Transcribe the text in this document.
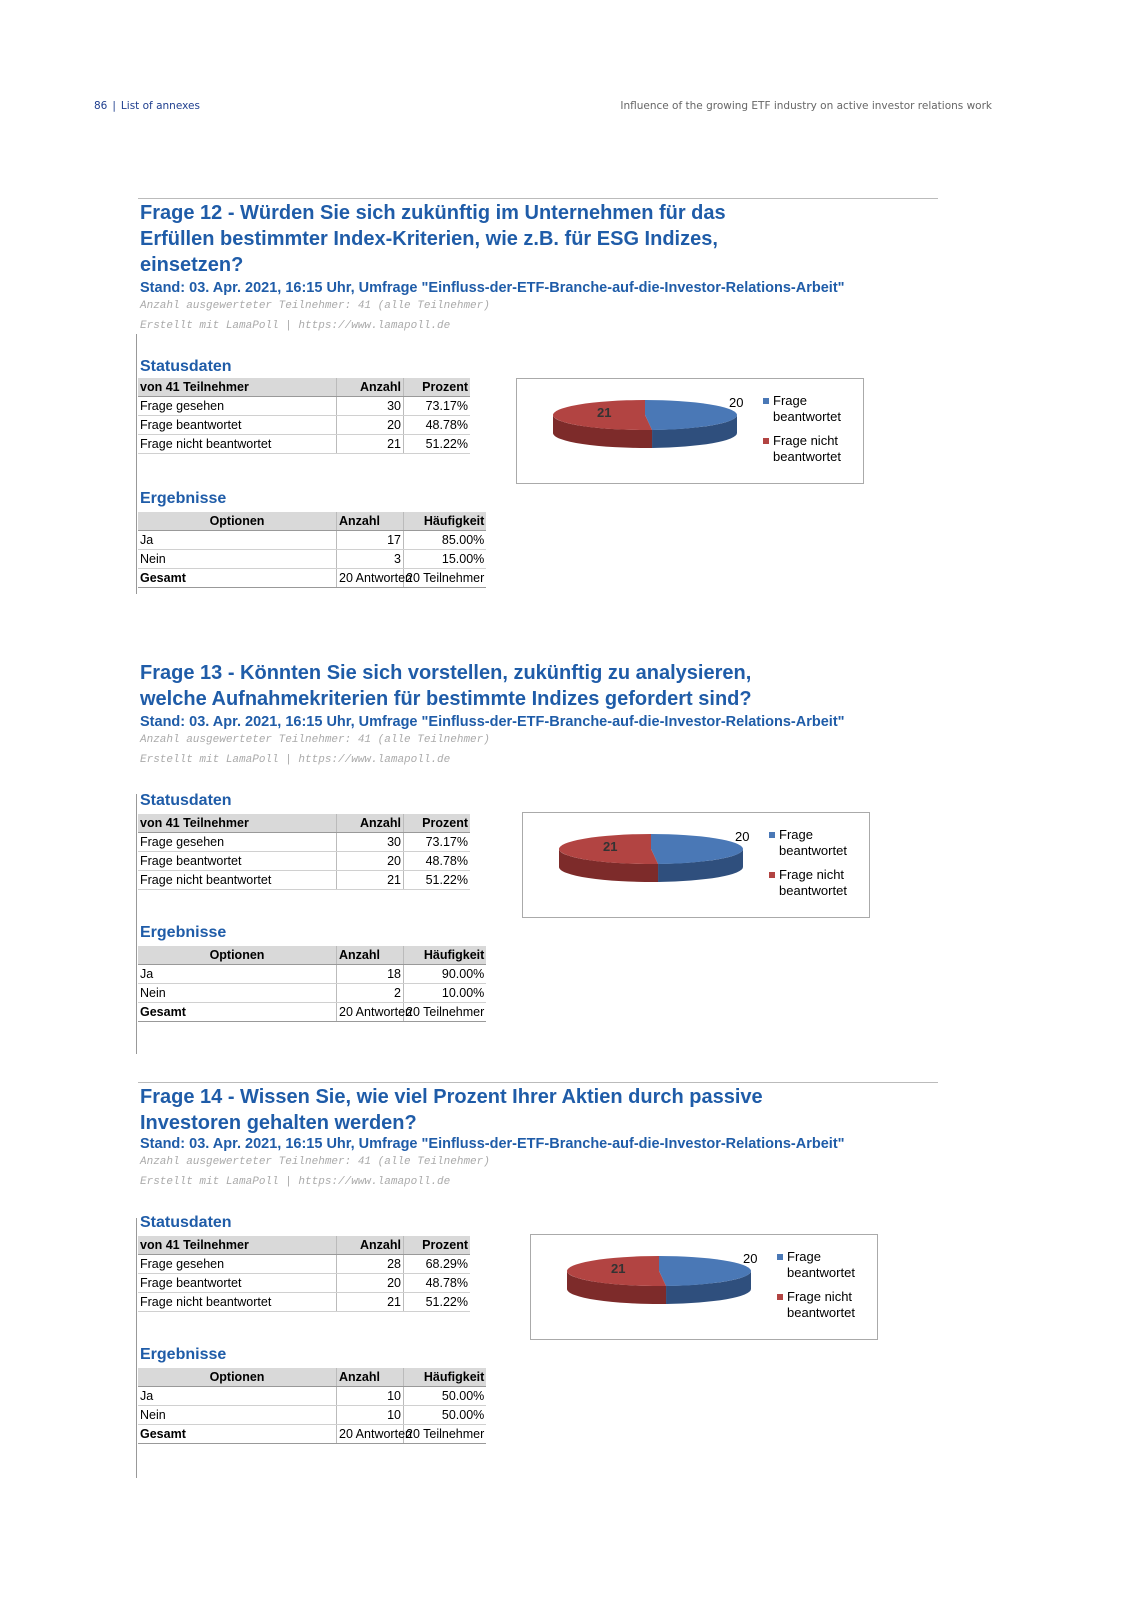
86 | List of annexes	Influence of the growing ETF industry on active investor relations work
Frage 12 - Würden Sie sich zukünftig im Unternehmen für das Erfüllen bestimmter Index-Kriterien, wie z.B. für ESG Indizes, einsetzen?
Stand: 03. Apr. 2021, 16:15 Uhr, Umfrage "Einfluss-der-ETF-Branche-auf-die-Investor-Relations-Arbeit"
Anzahl ausgewerteter Teilnehmer: 41 (alle Teilnehmer)
Erstellt mit LamaPoll | https://www.lamapoll.de
Statusdaten
von 41 Teilnehmer	Anzahl	Prozent
Frage gesehen	30	73.17%
Frage beantwortet	20	48.78%
Frage nicht beantwortet	21	51.22%
20
21
Frage beantwortet
Frage nicht beantwortet
Ergebnisse
Optionen	Anzahl	Häufigkeit
Ja	17	85.00%
Nein	3	15.00%
Gesamt	20 Antworten	20 Teilnehmer
Frage 13 - Könnten Sie sich vorstellen, zukünftig zu analysieren, welche Aufnahmekriterien für bestimmte Indizes gefordert sind?
Stand: 03. Apr. 2021, 16:15 Uhr, Umfrage "Einfluss-der-ETF-Branche-auf-die-Investor-Relations-Arbeit"
Anzahl ausgewerteter Teilnehmer: 41 (alle Teilnehmer)
Erstellt mit LamaPoll | https://www.lamapoll.de
Statusdaten
von 41 Teilnehmer	Anzahl	Prozent
Frage gesehen	30	73.17%
Frage beantwortet	20	48.78%
Frage nicht beantwortet	21	51.22%
20
21
Frage beantwortet
Frage nicht beantwortet
Ergebnisse
Optionen	Anzahl	Häufigkeit
Ja	18	90.00%
Nein	2	10.00%
Gesamt	20 Antworten	20 Teilnehmer
Frage 14 - Wissen Sie, wie viel Prozent Ihrer Aktien durch passive Investoren gehalten werden?
Stand: 03. Apr. 2021, 16:15 Uhr, Umfrage "Einfluss-der-ETF-Branche-auf-die-Investor-Relations-Arbeit"
Anzahl ausgewerteter Teilnehmer: 41 (alle Teilnehmer)
Erstellt mit LamaPoll | https://www.lamapoll.de
Statusdaten
von 41 Teilnehmer	Anzahl	Prozent
Frage gesehen	28	68.29%
Frage beantwortet	20	48.78%
Frage nicht beantwortet	21	51.22%
20
21
Frage beantwortet
Frage nicht beantwortet
Ergebnisse
Optionen	Anzahl	Häufigkeit
Ja	10	50.00%
Nein	10	50.00%
Gesamt	20 Antworten	20 Teilnehmer
